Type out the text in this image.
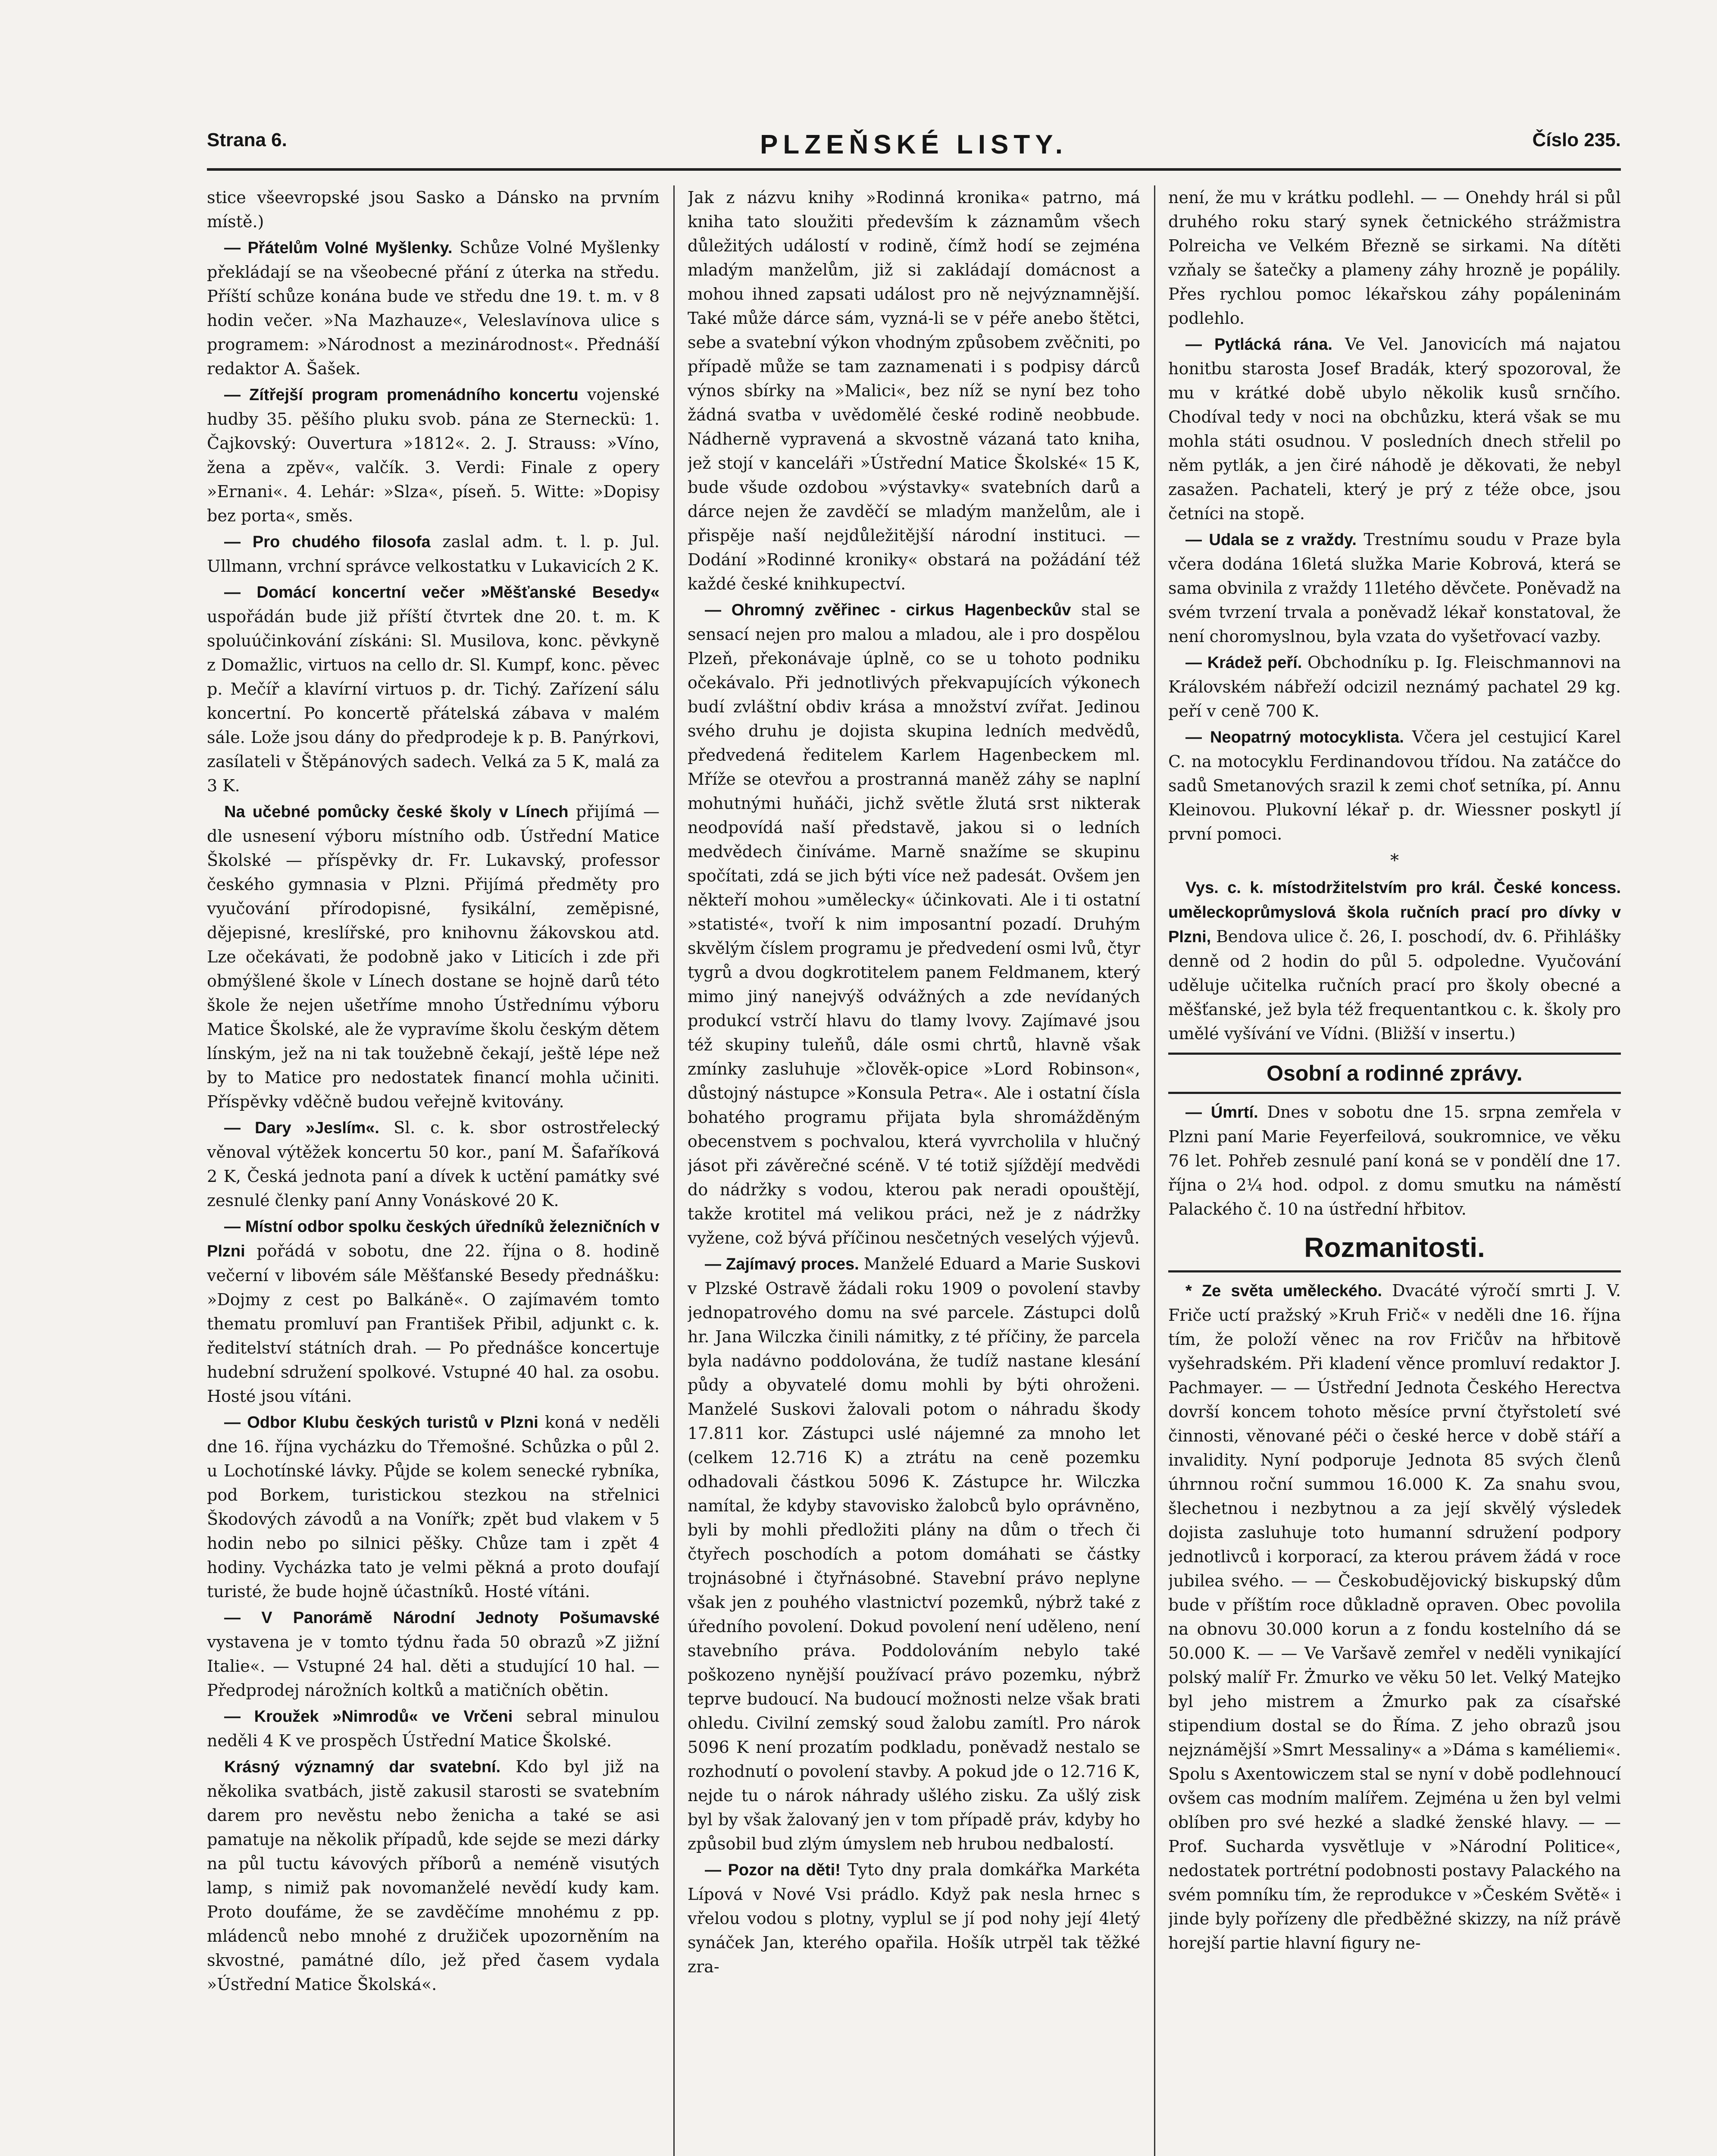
Strana 6.	PLZEŇSKÉ LISTY.	Číslo 235.

stice všeevropské jsou Sasko a Dánsko na prvním místě.)

— Přátelům Volné Myšlenky. Schůze Volné Myšlenky překládají se na všeobecné přání z úterka na středu. Příští schůze konána bude ve středu dne 19. t. m. v 8 hodin večer. »Na Mazhauze«, Veleslavínova ulice s programem: »Národnost a mezinárodnost«. Přednáší redaktor A. Šašek.

— Zítřejší program promenádního koncertu vojenské hudby 35. pěšího pluku svob. pána ze Sterneckü: 1. Čajkovský: Ouvertura »1812«. 2. J. Strauss: »Víno, žena a zpěv«, valčík. 3. Verdi: Finale z opery »Ernani«. 4. Lehár: »Slza«, píseň. 5. Witte: »Dopisy bez porta«, směs.

— Pro chudého filosofa zaslal adm. t. l. p. Jul. Ullmann, vrchní správce velkostatku v Lukavicích 2 K.

— Domácí koncertní večer »Měšťanské Besedy« uspořádán bude již příští čtvrtek dne 20. t. m. K spoluúčinkování získáni: Sl. Musilova, konc. pěvkyně z Domažlic, virtuos na cello dr. Sl. Kumpf, konc. pěvec p. Mečíř a klavírní virtuos p. dr. Tichý. Zařízení sálu koncertní. Po koncertě přátelská zábava v malém sále. Lože jsou dány do předprodeje k p. B. Panýrkovi, zasílateli v Štěpánových sadech. Velká za 5 K, malá za 3 K.

Na učebné pomůcky české školy v Línech přijímá — dle usnesení výboru místního odb. Ústřední Matice Školské — příspěvky dr. Fr. Lukavský, professor českého gymnasia v Plzni. Přijímá předměty pro vyučování přírodopisné, fysikální, zeměpisné, dějepisné, kreslířské, pro knihovnu žákovskou atd. Lze očekávati, že podobně jako v Liticích i zde při obmýšlené škole v Línech dostane se hojně darů této škole že nejen ušetříme mnoho Ústřednímu výboru Matice Školské, ale že vypravíme školu českým dětem línským, jež na ni tak toužebně čekají, ještě lépe než by to Matice pro nedostatek financí mohla učiniti. Příspěvky vděčně budou veřejně kvitovány.

— Dary »Jeslím«. Sl. c. k. sbor ostrostřelecký věnoval výtěžek koncertu 50 kor., paní M. Šafaříková 2 K, Česká jednota paní a dívek k uctění památky své zesnulé členky paní Anny Vonáskové 20 K.

— Místní odbor spolku českých úředníků železničních v Plzni pořádá v sobotu, dne 22. října o 8. hodině večerní v libovém sále Měšťanské Besedy přednášku: »Dojmy z cest po Balkáně«. O zajímavém tomto thematu promluví pan František Přibil, adjunkt c. k. ředitelství státních drah. — Po přednášce koncertuje hudební sdružení spolkové. Vstupné 40 hal. za osobu. Hosté jsou vítáni.

— Odbor Klubu českých turistů v Plzni koná v neděli dne 16. října vycházku do Třemošné. Schůzka o půl 2. u Lochotínské lávky. Půjde se kolem senecké rybníka, pod Borkem, turistickou stezkou na střelnici Škodových závodů a na Vonířk; zpět bud vlakem v 5 hodin nebo po silnici pěšky. Chůze tam i zpět 4 hodiny. Vycházka tato je velmi pěkná a proto doufají turisté, že bude hojně účastníků. Hosté vítáni.

— V Panorámě Národní Jednoty Pošumavské vystavena je v tomto týdnu řada 50 obrazů »Z jižní Italie«. — Vstupné 24 hal. děti a studující 10 hal. — Předprodej nárožních koltků a matičních obětin.

— Kroužek »Nimrodů« ve Vrčeni sebral minulou neděli 4 K ve prospěch Ústřední Matice Školské.

Krásný významný dar svatební. Kdo byl již na několika svatbách, jistě zakusil starosti se svatebním darem pro nevěstu nebo ženicha a také se asi pamatuje na několik případů, kde sejde se mezi dárky na půl tuctu kávových příborů a neméně visutých lamp, s nimiž pak novomanželé nevědí kudy kam. Proto doufáme, že se zavděčíme mnohému z pp. mládenců nebo mnohé z družiček upozorněním na skvostné, památné dílo, jež před časem vydala »Ústřední Matice Školská«.

Jak z názvu knihy »Rodinná kronika« patrno, má kniha tato sloužiti především k záznamům všech důležitých událostí v rodině, čímž hodí se zejména mladým manželům, již si zakládají domácnost a mohou ihned zapsati událost pro ně nejvýznamnější. Také může dárce sám, vyzná-li se v péře anebo štětci, sebe a svatební výkon vhodným způsobem zvěčniti, po případě může se tam zaznamenati i s podpisy dárců výnos sbírky na »Malici«, bez níž se nyní bez toho žádná svatba v uvědomělé české rodině neobbude. Nádherně vypravená a skvostně vázaná tato kniha, jež stojí v kanceláři »Ústřední Matice Školské« 15 K, bude všude ozdobou »výstavky« svatebních darů a dárce nejen že zavděčí se mladým manželům, ale i přispěje naší nejdůležitější národní instituci. — Dodání »Rodinné kroniky« obstará na požádání též každé české knihkupectví.

— Ohromný zvěřinec - cirkus Hagenbeckův stal se sensací nejen pro malou a mladou, ale i pro dospělou Plzeň, překonávaje úplně, co se u tohoto podniku očekávalo. Při jednotlivých překvapujících výkonech budí zvláštní obdiv krása a množství zvířat. Jedinou svého druhu je dojista skupina ledních medvědů, předvedená ředitelem Karlem Hagenbeckem ml. Mříže se otevřou a prostranná maněž záhy se naplní mohutnými huňáči, jichž světle žlutá srst nikterak neodpovídá naší představě, jakou si o ledních medvědech činíváme. Marně snažíme se skupinu spočítati, zdá se jich býti více než padesát. Ovšem jen někteří mohou »umělecky« účinkovati. Ale i ti ostatní »statisté«, tvoří k nim imposantní pozadí. Druhým skvělým číslem programu je předvedení osmi lvů, čtyr tygrů a dvou dogkrotitelem panem Feldmanem, který mimo jiný nanejvýš odvážných a zde nevídaných produkcí vstrčí hlavu do tlamy lvovy. Zajímavé jsou též skupiny tuleňů, dále osmi chrtů, hlavně však zmínky zasluhuje »člověk-opice »Lord Robinson«, důstojný nástupce »Konsula Petra«. Ale i ostatní čísla bohatého programu přijata byla shromážděným obecenstvem s pochvalou, která vyvrcholila v hlučný jásot při závěrečné scéně. V té totiž sjíždějí medvědi do nádržky s vodou, kterou pak neradi opouštějí, takže krotitel má velikou práci, než je z nádržky vyžene, což bývá příčinou nesčetných veselých výjevů.

— Zajímavý proces. Manželé Eduard a Marie Suskovi v Plzské Ostravě žádali roku 1909 o povolení stavby jednopatrového domu na své parcele. Zástupci dolů hr. Jana Wilczka činili námitky, z té příčiny, že parcela byla nadávno poddolována, že tudíž nastane klesání půdy a obyvatelé domu mohli by býti ohroženi. Manželé Suskovi žalovali potom o náhradu škody 17.811 kor. Zástupci uslé nájemné za mnoho let (celkem 12.716 K) a ztrátu na ceně pozemku odhadovali částkou 5096 K. Zástupce hr. Wilczka namítal, že kdyby stavovisko žalobců bylo oprávněno, byli by mohli předložiti plány na dům o třech či čtyřech poschodích a potom domáhati se částky trojnásobné i čtyřnásobné. Stavební právo neplyne však jen z pouhého vlastnictví pozemků, nýbrž také z úředního povolení. Dokud povolení není uděleno, není stavebního práva. Poddolováním nebylo také poškozeno nynější používací právo pozemku, nýbrž teprve budoucí. Na budoucí možnosti nelze však brati ohledu. Civilní zemský soud žalobu zamítl. Pro nárok 5096 K není prozatím podkladu, poněvadž nestalo se rozhodnutí o povolení stavby. A pokud jde o 12.716 K, nejde tu o nárok náhrady ušlého zisku. Za ušlý zisk byl by však žalovaný jen v tom případě práv, kdyby ho způsobil bud zlým úmyslem neb hrubou nedbalostí.

— Pozor na děti! Tyto dny prala domkářka Markéta Lípová v Nové Vsi prádlo. Když pak nesla hrnec s vřelou vodou s plotny, vyplul se jí pod nohy její 4letý synáček Jan, kterého opařila. Hošík utrpěl tak těžké zra-

není, že mu v krátku podlehl. — — Onehdy hrál si půl druhého roku starý synek četnického strážmistra Polreicha ve Velkém Březně se sirkami. Na dítěti vzňaly se šatečky a plameny záhy hrozně je popálily. Přes rychlou pomoc lékařskou záhy popáleninám podlehlo.

— Pytlácká rána. Ve Vel. Janovicích má najatou honitbu starosta Josef Bradák, který spozoroval, že mu v krátké době ubylo několik kusů srnčího. Chodíval tedy v noci na obchůzku, která však se mu mohla státi osudnou. V posledních dnech střelil po něm pytlák, a jen čiré náhodě je děkovati, že nebyl zasažen. Pachateli, který je prý z téže obce, jsou četníci na stopě.

— Udala se z vraždy. Trestnímu soudu v Praze byla včera dodána 16letá služka Marie Kobrová, která se sama obvinila z vraždy 11letého děvčete. Poněvadž na svém tvrzení trvala a poněvadž lékař konstatoval, že není choromyslnou, byla vzata do vyšetřovací vazby.

— Krádež peří. Obchodníku p. Ig. Fleischmannovi na Královském nábřeží odcizil neznámý pachatel 29 kg. peří v ceně 700 K.

— Neopatrný motocyklista. Včera jel cestujicí Karel C. na motocyklu Ferdinandovou třídou. Na zatáčce do sadů Smetanových srazil k zemi choť setníka, pí. Annu Kleinovou. Plukovní lékař p. dr. Wiessner poskytl jí první pomoci.

*

Vys. c. k. místodržitelstvím pro král. České koncess. uměleckoprůmyslová škola ručních prací pro dívky v Plzni, Bendova ulice č. 26, I. poschodí, dv. 6. Přihlášky denně od 2 hodin do půl 5. odpoledne. Vyučování uděluje učitelka ručních prací pro školy obecné a měšťanské, jež byla též frequentantkou c. k. školy pro umělé vyšívání ve Vídni. (Bližší v insertu.)

Osobní a rodinné zprávy.

— Úmrtí. Dnes v sobotu dne 15. srpna zemřela v Plzni paní Marie Feyerfeilová, soukromnice, ve věku 76 let. Pohřeb zesnulé paní koná se v pondělí dne 17. října o 2¼ hod. odpol. z domu smutku na náměstí Palackého č. 10 na ústřední hřbitov.

Rozmanitosti.

* Ze světa uměleckého. Dvacáté výročí smrti J. V. Friče uctí pražský »Kruh Frič« v neděli dne 16. října tím, že položí věnec na rov Fričův na hřbitově vyšehradském. Při kladení věnce promluví redaktor J. Pachmayer. — — Ústřední Jednota Českého Herectva dovrší koncem tohoto měsíce první čtyřstoletí své činnosti, věnované péči o české herce v době stáří a invalidity. Nyní podporuje Jednota 85 svých členů úhrnnou roční summou 16.000 K. Za snahu svou, šlechetnou i nezbytnou a za její skvělý výsledek dojista zasluhuje toto humanní sdružení podpory jednotlivců i korporací, za kterou právem žádá v roce jubilea svého. — — Českobudějovický biskupský dům bude v příštím roce důkladně opraven. Obec povolila na obnovu 30.000 korun a z fondu kostelního dá se 50.000 K. — — Ve Varšavě zemřel v neděli vynikající polský malíř Fr. Żmurko ve věku 50 let. Velký Matejko byl jeho mistrem a Żmurko pak za císařské stipendium dostal se do Říma. Z jeho obrazů jsou nejznámější »Smrt Messaliny« a »Dáma s kaméliemi«. Spolu s Axentowiczem stal se nyní v době podlehnoucí ovšem cas modním malířem. Zejména u žen byl velmi oblíben pro své hezké a sladké ženské hlavy. — — Prof. Sucharda vysvětluje v »Národní Politice«, nedostatek portrétní podobnosti postavy Palackého na svém pomníku tím, že reprodukce v »Českém Světě« i jinde byly pořízeny dle předběžné skizzy, na níž právě horejší partie hlavní figury ne-
